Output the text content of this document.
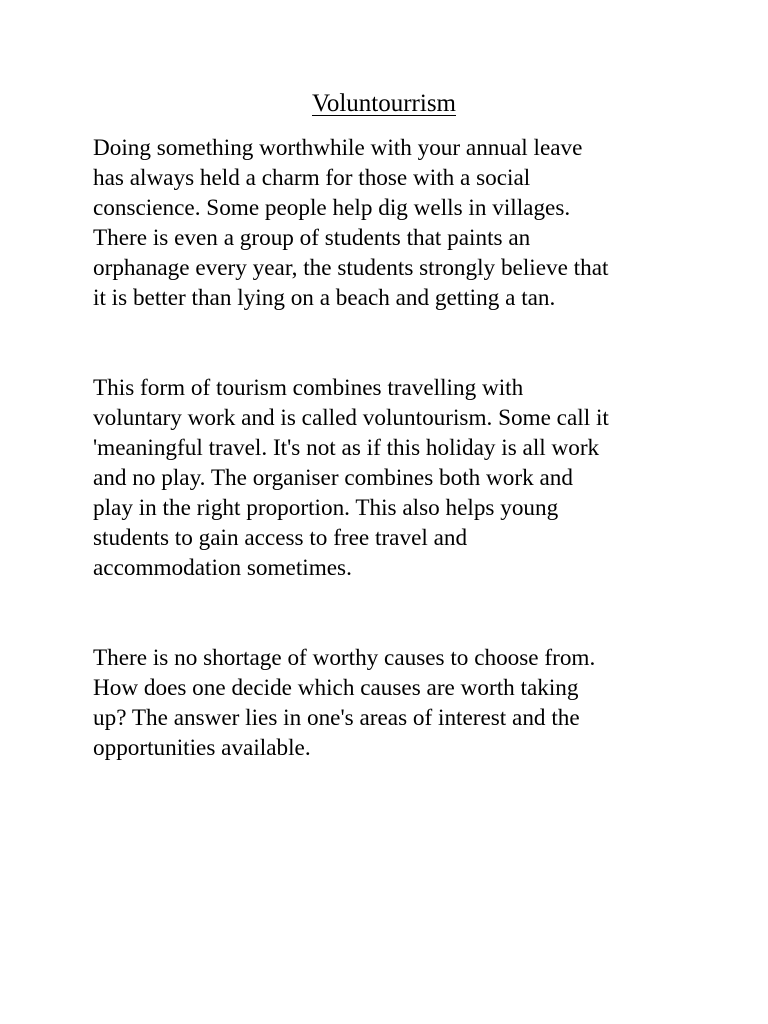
Voluntourrism

Doing something worthwhile with your annual leave
has always held a charm for those with a social
conscience. Some people help dig wells in villages.
There is even a group of students that paints an
orphanage every year, the students strongly believe that
it is better than lying on a beach and getting a tan.

This form of tourism combines travelling with
voluntary work and is called voluntourism. Some call it
'meaningful travel. It's not as if this holiday is all work
and no play. The organiser combines both work and
play in the right proportion. This also helps young
students to gain access to free travel and
accommodation sometimes.

There is no shortage of worthy causes to choose from.
How does one decide which causes are worth taking
up? The answer lies in one's areas of interest and the
opportunities available.
